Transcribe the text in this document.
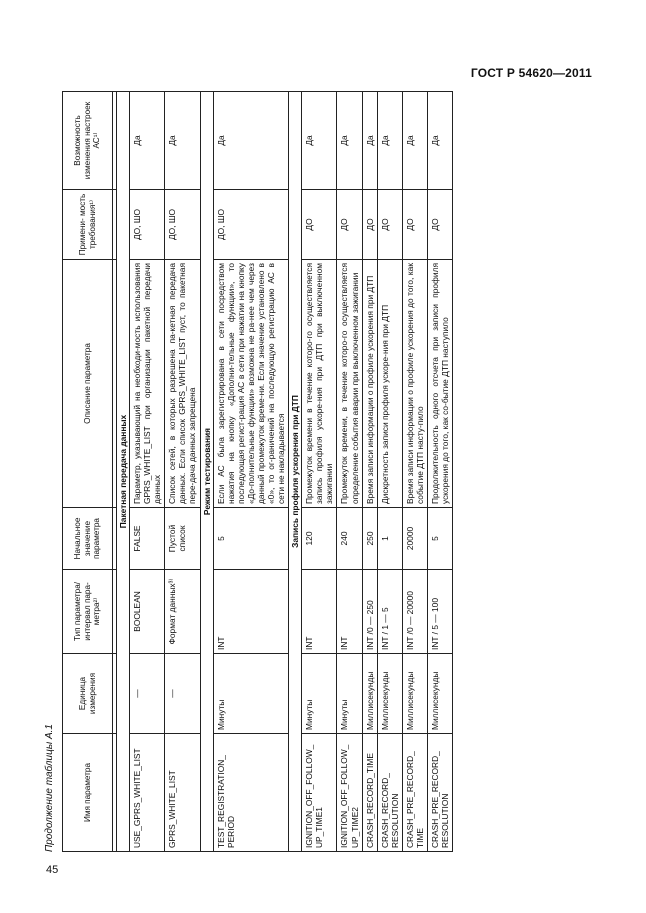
ГОСТ Р 54620—2011
Продолжение таблицы А.1	Имя параметра	Единица измерения	Тип параметра/ интервал пара- метра²⁾	Начальное значение параметра	Описание параметра	Примени- мость требования¹⁾	Возможность изменения настроек АС¹⁾

Пакетная передача данных						
USE_GPRS_WHITE_LIST	—	BOOLEAN	FALSE	Параметр, указывающий на необходи-мость использования GPRS_WHITE_LIST при организации пакетной передачи данных	ДО, ШО	Да
GPRS_WHITE_LIST	—	Формат данных³⁾	Пустой список	Список сетей, в которых разрешена па-кетная передача данных. Если список GPRS_WHITE_LIST пуст, то пакетная пере-дача данных запрещена	ДО, ШО	Да
Режим тестирования						
TEST_REGISTRATION_ PERIOD	Минуты	INT	5	Если АС была зарегистрирована в сети посредством нажатия на кнопку «Дополни-тельные функции», то последующая регист-рация АС в сети при нажатии на кнопку «До-полнительные функции» возможна не ра-нее чем через данный промежуток време-ни. Если значение установлено в «0», то ог-раничений на последующую регистрацию АС в сети не накладывается	ДО, ШО	Да
Запись профиля ускорения при ДТП						
IGNITION_OFF_FOLLOW_ UP_TIME1	Минуты	INT	120	Промежуток времени в течение которо-го осуществляется запись профиля ускоре-ния при ДТП при выключенном зажигании	ДО	Да
IGNITION_OFF_FOLLOW_ UP_TIME2	Минуты	INT	240	Промежуток времени, в течение которо-го осуществляется определение события аварии при выключенном зажигании	ДО	Да
CRASH_RECORD_TIME	Миллисекунды	INT /0 — 250	250	Время записи информации о профиле ускорения при ДТП	ДО	Да
CRASH_RECORD_ RESOLUTION	Миллисекунды	INT / 1 — 5	1	Дискретность записи профиля ускоре-ния при ДТП	ДО	Да
CRASH_PRE_RECORD_ TIME	Миллисекунды	INT /0 — 20000	20000	Время записи информации о профиле ускорения до того, как событие ДТП насту-пило	ДО	Да
CRASH_PRE_RECORD_ RESOLUTION	Миллисекунды	INT / 5 — 100	5	Продолжительность одного отсчета при записи профиля ускорения до того, как со-бытие ДТП наступило	ДО	Да
45
